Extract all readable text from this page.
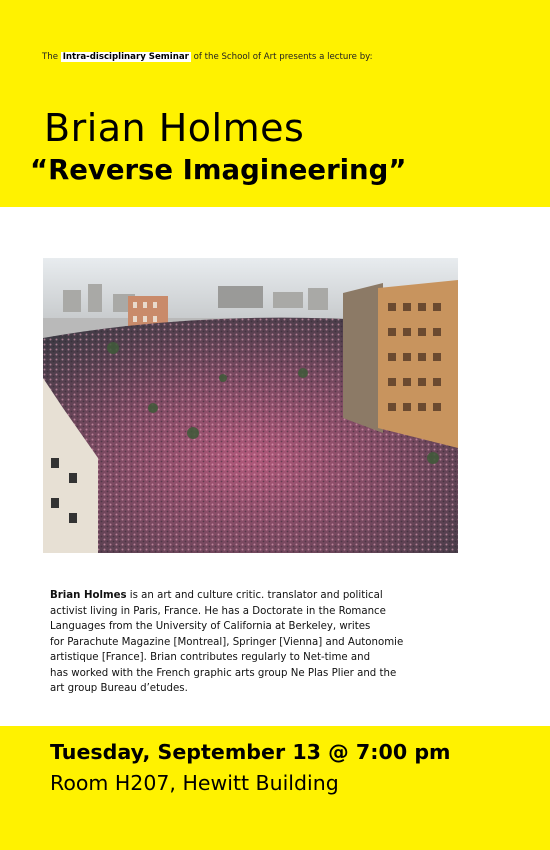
The Intra-disciplinary Seminar of the School of Art presents a lecture by:
Brian Holmes
“Reverse Imagineering”
Brian Holmes is an art and culture critic. translator and political
activist living in Paris, France. He has a Doctorate in the Romance
Languages from the University of California at Berkeley, writes
for Parachute Magazine [Montreal], Springer [Vienna] and Autonomie
artistique [France]. Brian contributes regularly to Net-time and
has worked with the French graphic arts group Ne Plas Plier and the
art group Bureau d’etudes.
Tuesday, September 13 @ 7:00 pm
Room H207, Hewitt Building
